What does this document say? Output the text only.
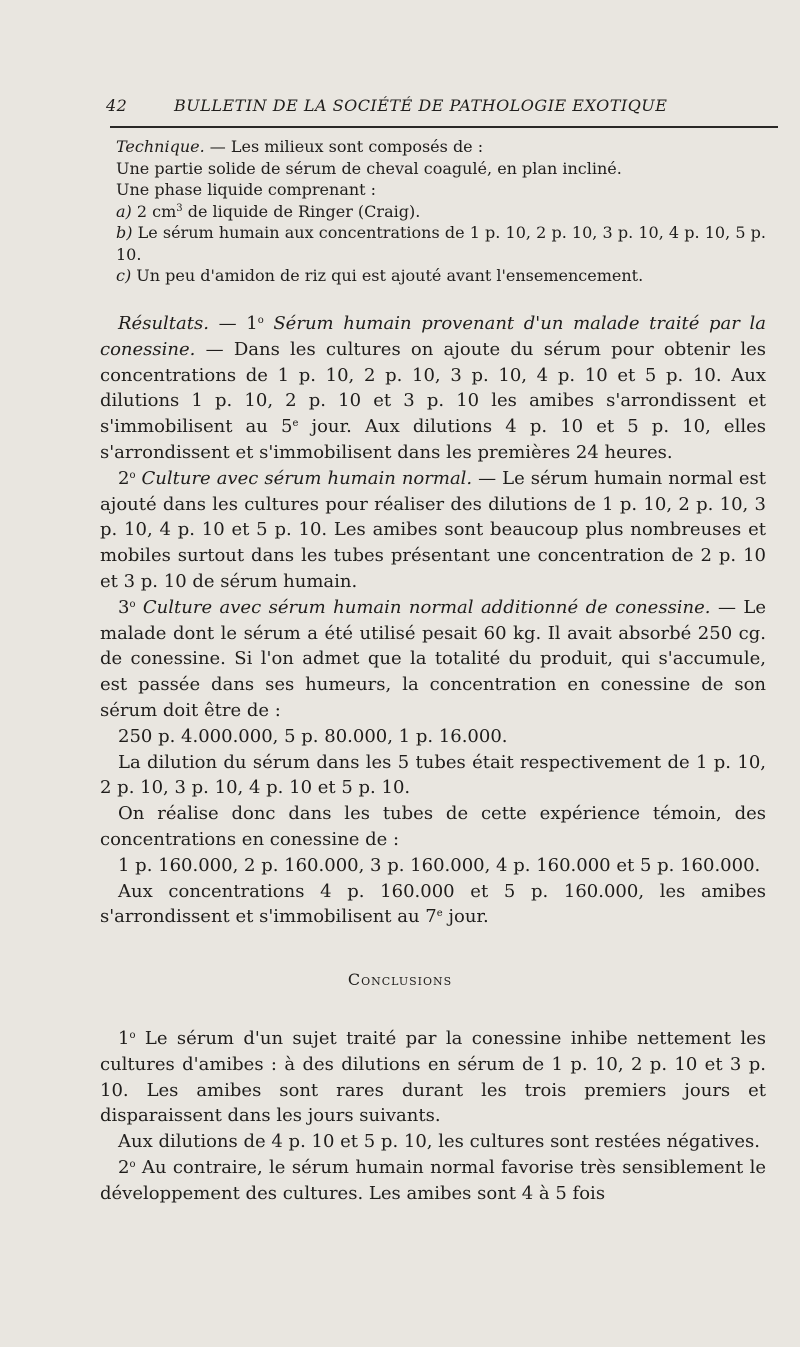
42	BULLETIN DE LA SOCIÉTÉ DE PATHOLOGIE EXOTIQUE

Technique. — Les milieux sont composés de :

Une partie solide de sérum de cheval coagulé, en plan incliné.

Une phase liquide comprenant :

a) 2 $cm^3$ de liquide de Ringer (Craig).

b) Le sérum humain aux concentrations de 1 p. 10, 2 p. 10, 3 p. 10, 4 p. 10, 5 p. 10.

c) Un peu d'amidon de riz qui est ajouté avant l'ensemencement.

Résultats. — 1$^o$ Sérum humain provenant d'un malade traité par la conessine. — Dans les cultures on ajoute du sérum pour obtenir les concentrations de 1 p. 10, 2 p. 10, 3 p. 10, 4 p. 10 et 5 p. 10. Aux dilutions 1 p. 10, 2 p. 10 et 3 p. 10 les amibes s'arrondissent et s'immobilisent au 5e jour. Aux dilutions 4 p. 10 et 5 p. 10, elles s'arrondissent et s'immobilisent dans les premières 24 heures.

2$^o$ Culture avec sérum humain normal. — Le sérum humain normal est ajouté dans les cultures pour réaliser des dilutions de 1 p. 10, 2 p. 10, 3 p. 10, 4 p. 10 et 5 p. 10. Les amibes sont beaucoup plus nombreuses et mobiles surtout dans les tubes présentant une concentration de 2 p. 10 et 3 p. 10 de sérum humain.

3$^o$ Culture avec sérum humain normal additionné de conessine. — Le malade dont le sérum a été utilisé pesait 60 kg. Il avait absorbé 250 cg. de conessine. Si l'on admet que la totalité du produit, qui s'accumule, est passée dans ses humeurs, la concentration en conessine de son sérum doit être de :

250 p. 4.000.000, 5 p. 80.000, 1 p. 16.000.

La dilution du sérum dans les 5 tubes était respectivement de 1 p. 10, 2 p. 10, 3 p. 10, 4 p. 10 et 5 p. 10.

On réalise donc dans les tubes de cette expérience témoin, des concentrations en conessine de :

1 p. 160.000, 2 p. 160.000, 3 p. 160.000, 4 p. 160.000 et 5 p. 160.000.

Aux concentrations 4 p. 160.000 et 5 p. 160.000, les amibes s'arrondissent et s'immobilisent au 7e jour.

Conclusions

1$^o$ Le sérum d'un sujet traité par la conessine inhibe nettement les cultures d'amibes : à des dilutions en sérum de 1 p. 10, 2 p. 10 et 3 p. 10. Les amibes sont rares durant les trois premiers jours et disparaissent dans les jours suivants.

Aux dilutions de 4 p. 10 et 5 p. 10, les cultures sont restées négatives.

2$^o$ Au contraire, le sérum humain normal favorise très sensiblement le développement des cultures. Les amibes sont 4 à 5 fois
